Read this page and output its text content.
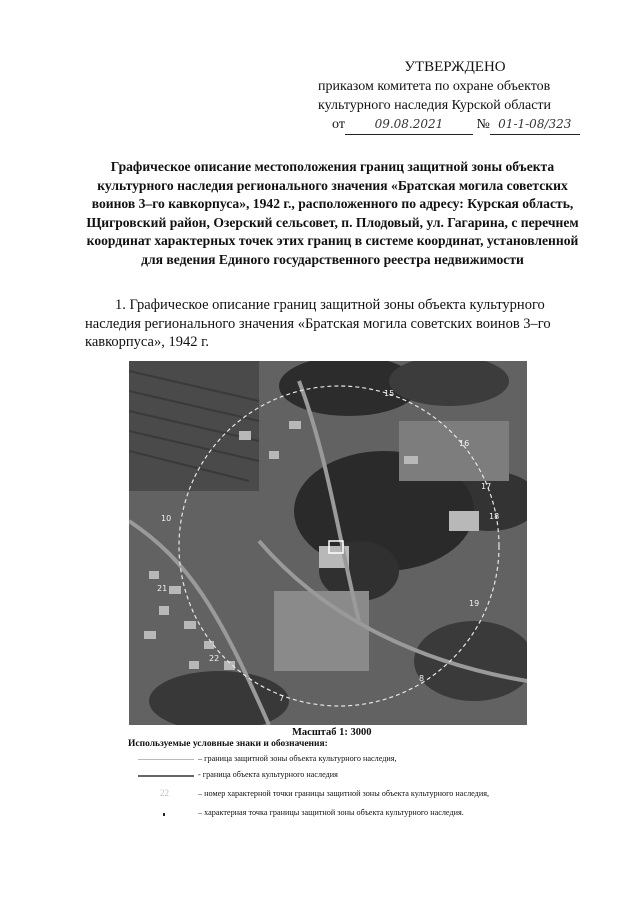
УТВЕРЖДЕНО
приказом комитета по охране объектов
культурного наследия Курской области
от 09.08.2021 № 01-1-08/323
Графическое описание местоположения границ защитной зоны объекта культурного наследия регионального значения «Братская могила советских воинов 3–го кавкорпуса», 1942 г., расположенного по адресу: Курская область, Щигровский район, Озерский сельсовет, п. Плодовый, ул. Гагарина, с перечнем координат характерных точек этих границ в системе координат, установленной для ведения Единого государственного реестра недвижимости
1. Графическое описание границ защитной зоны объекта культурного наследия регионального значения «Братская могила советских воинов 3–го кавкорпуса», 1942 г.
15
16
17
18
19
10
21
22
7
8
Масштаб 1: 3000
Используемые условные знаки и обозначения:
– граница защитной зоны объекта культурного наследия,
- граница объекта культурного наследия
22	– номер характерной точки границы защитной зоны объекта культурного наследия,
– характерная точка границы защитной зоны объекта культурного наследия.
